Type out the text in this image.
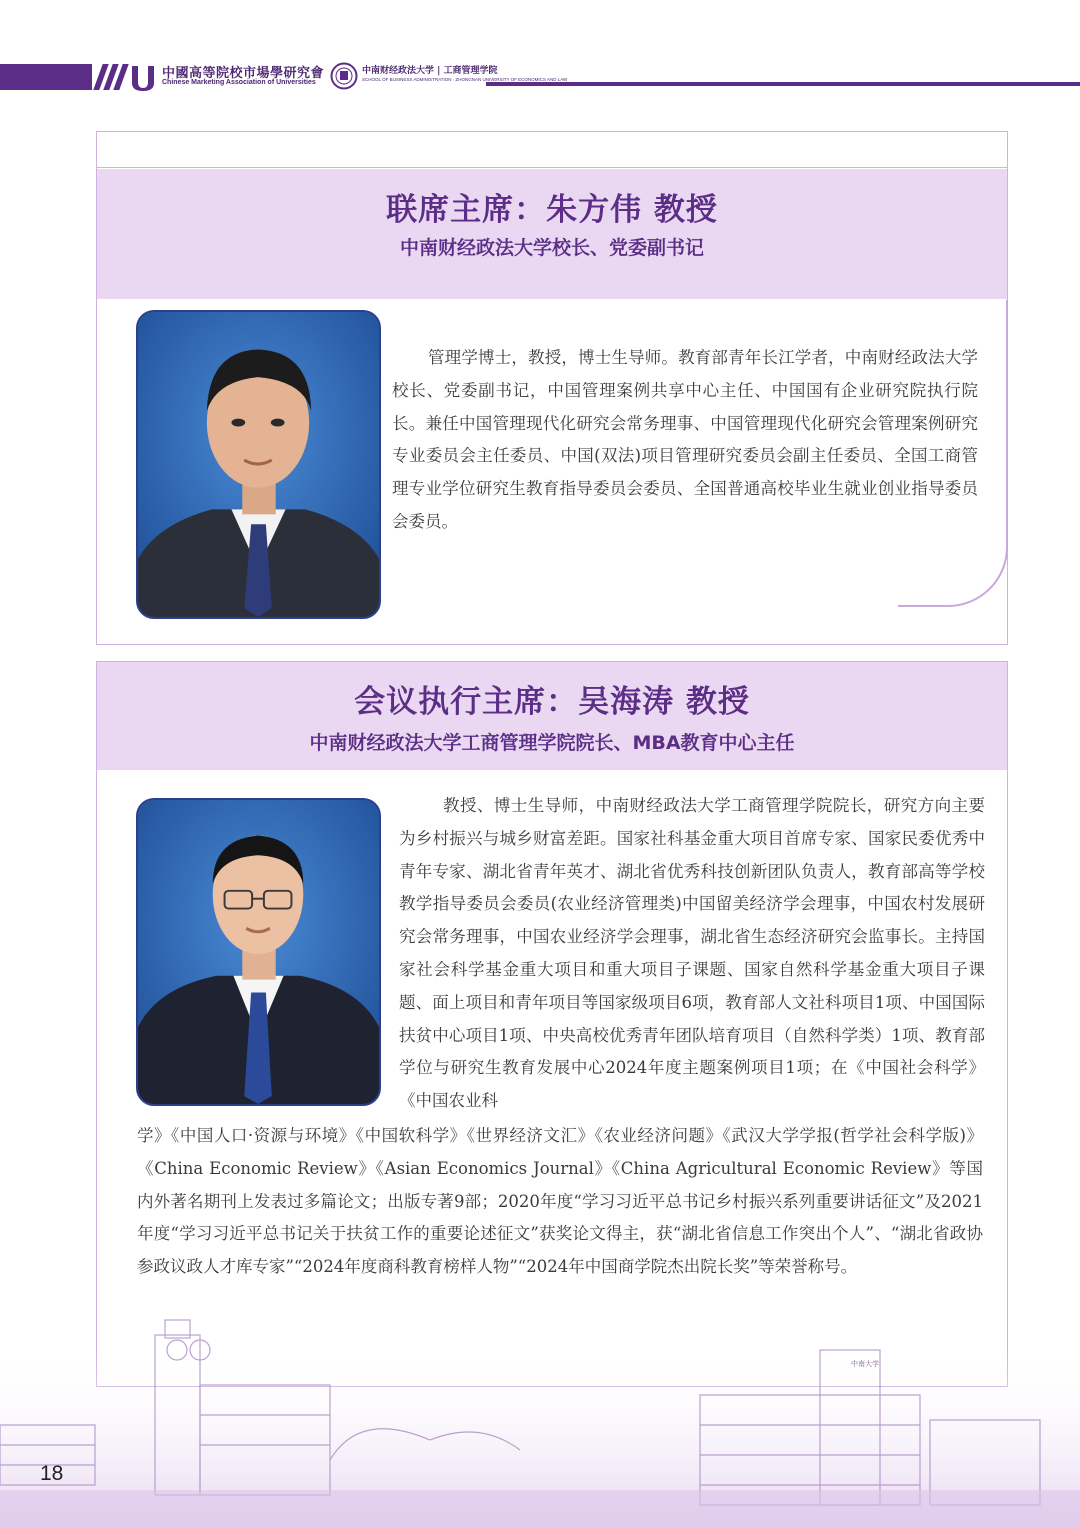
中國高等院校市場學研究會
Chinese Marketing Association of Universities
中南财经政法大学 | 工商管理学院
SCHOOL OF BUSINESS ADMINISTRATION · ZHONGNAN UNIVERSITY OF ECONOMICS AND LAW
联席主席：朱方伟 教授
中南财经政法大学校长、党委副书记
管理学博士，教授，博士生导师。教育部青年长江学者，中南财经政法大学校长、党委副书记，中国管理案例共享中心主任、中国国有企业研究院执行院长。兼任中国管理现代化研究会常务理事、中国管理现代化研究会管理案例研究专业委员会主任委员、中国(双法)项目管理研究委员会副主任委员、全国工商管理专业学位研究生教育指导委员会委员、全国普通高校毕业生就业创业指导委员会委员。
会议执行主席：吴海涛 教授
中南财经政法大学工商管理学院院长、MBA教育中心主任
教授、博士生导师，中南财经政法大学工商管理学院院长，研究方向主要为乡村振兴与城乡财富差距。国家社科基金重大项目首席专家、国家民委优秀中青年专家、湖北省青年英才、湖北省优秀科技创新团队负责人，教育部高等学校教学指导委员会委员(农业经济管理类)中国留美经济学会理事，中国农村发展研究会常务理事，中国农业经济学会理事，湖北省生态经济研究会监事长。主持国家社会科学基金重大项目和重大项目子课题、国家自然科学基金重大项目子课题、面上项目和青年项目等国家级项目6项，教育部人文社科项目1项、中国国际扶贫中心项目1项、中央高校优秀青年团队培育项目（自然科学类）1项、教育部学位与研究生教育发展中心2024年度主题案例项目1项；在《中国社会科学》《中国农业科
学》《中国人口·资源与环境》《中国软科学》《世界经济文汇》《农业经济问题》《武汉大学学报(哲学社会科学版)》《China Economic Review》《Asian Economics Journal》《China Agricultural Economic Review》等国内外著名期刊上发表过多篇论文；出版专著9部；2020年度“学习习近平总书记乡村振兴系列重要讲话征文”及2021年度“学习习近平总书记关于扶贫工作的重要论述征文”获奖论文得主，获“湖北省信息工作突出个人”、“湖北省政协参政议政人才库专家”“2024年度商科教育榜样人物”“2024年中国商学院杰出院长奖”等荣誉称号。
中南大学
18
